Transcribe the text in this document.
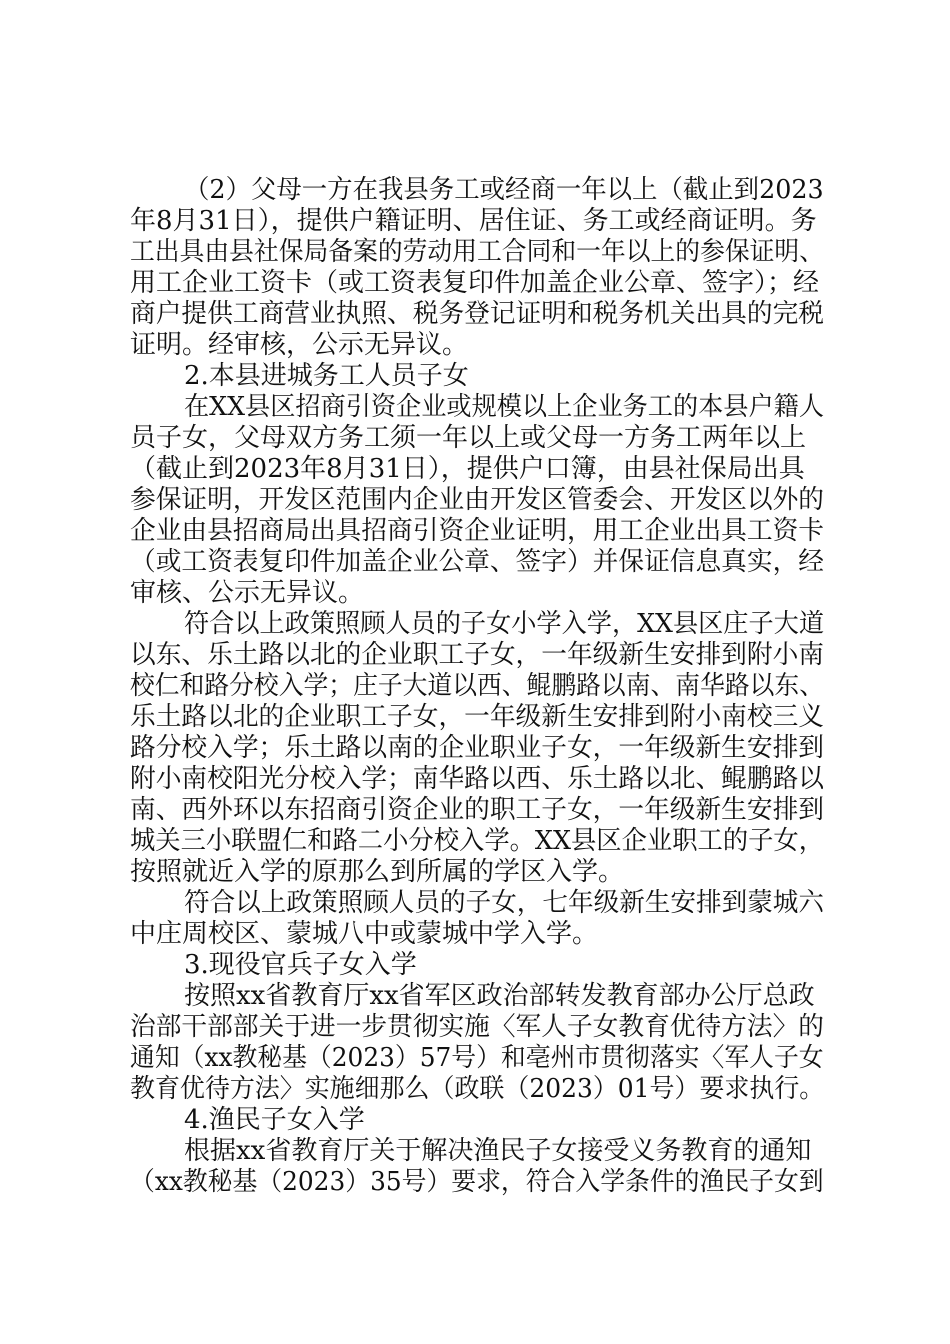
（2）父母一方在我县务工或经商一年以上（截止到2023
年8月31日），提供户籍证明、居住证、务工或经商证明。务
工出具由县社保局备案的劳动用工合同和一年以上的参保证明、
用工企业工资卡（或工资表复印件加盖企业公章、签字）；经
商户提供工商营业执照、税务登记证明和税务机关出具的完税
证明。经审核，公示无异议。
2.本县进城务工人员子女
在XX县区招商引资企业或规模以上企业务工的本县户籍人
员子女，父母双方务工须一年以上或父母一方务工两年以上
（截止到2023年8月31日），提供户口簿，由县社保局出具
参保证明，开发区范围内企业由开发区管委会、开发区以外的
企业由县招商局出具招商引资企业证明，用工企业出具工资卡
（或工资表复印件加盖企业公章、签字）并保证信息真实，经
审核、公示无异议。
符合以上政策照顾人员的子女小学入学，XX县区庄子大道
以东、乐土路以北的企业职工子女，一年级新生安排到附小南
校仁和路分校入学；庄子大道以西、鲲鹏路以南、南华路以东、
乐土路以北的企业职工子女，一年级新生安排到附小南校三义
路分校入学；乐土路以南的企业职业子女，一年级新生安排到
附小南校阳光分校入学；南华路以西、乐土路以北、鲲鹏路以
南、西外环以东招商引资企业的职工子女，一年级新生安排到
城关三小联盟仁和路二小分校入学。XX县区企业职工的子女，
按照就近入学的原那么到所属的学区入学。
符合以上政策照顾人员的子女，七年级新生安排到蒙城六
中庄周校区、蒙城八中或蒙城中学入学。
3.现役官兵子女入学
按照xx省教育厅xx省军区政治部转发教育部办公厅总政
治部干部部关于进一步贯彻实施〈军人子女教育优待方法〉的
通知（xx教秘基（2023）57号）和亳州市贯彻落实〈军人子女
教育优待方法〉实施细那么（政联（2023）01号）要求执行。
4.渔民子女入学
根据xx省教育厅关于解决渔民子女接受义务教育的通知
（xx教秘基（2023）35号）要求，符合入学条件的渔民子女到
